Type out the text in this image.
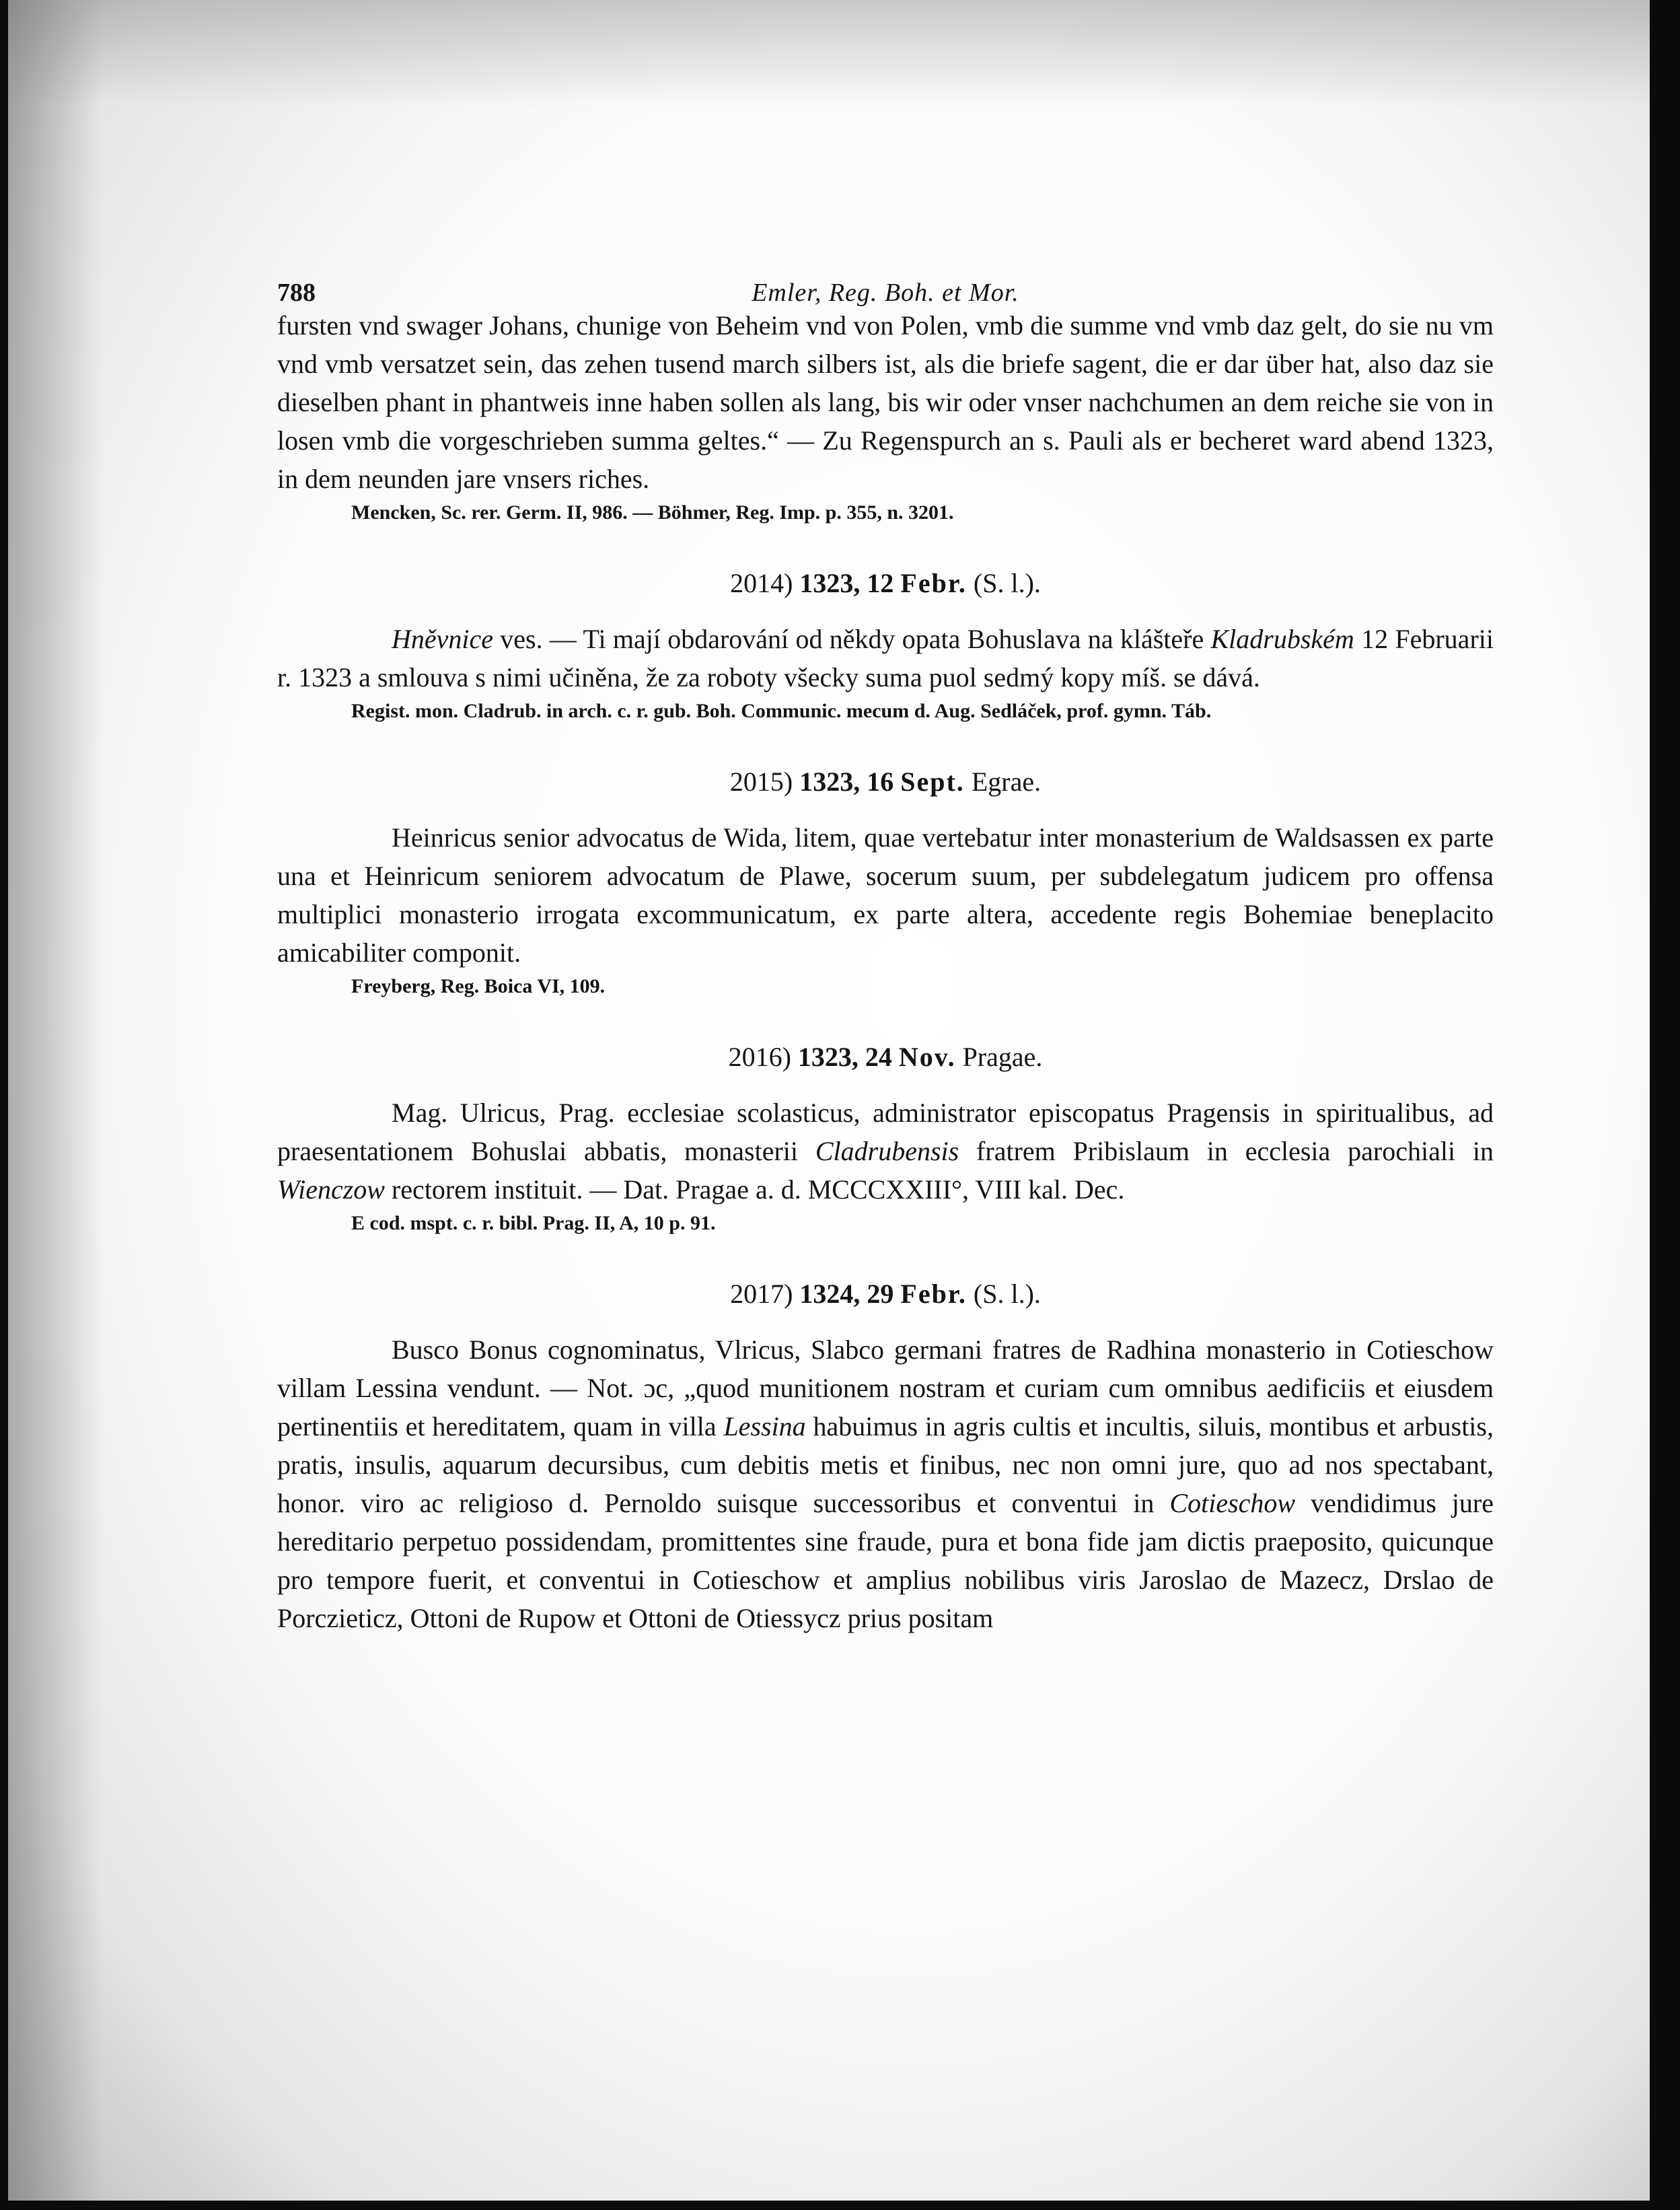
788	Emler, Reg. Boh. et Mor.

fursten vnd swager Johans, chunige von Beheim vnd von Polen, vmb die summe vnd vmb daz gelt, do sie nu vm vnd vmb versatzet sein, das zehen tusend march silbers ist, als die briefe sagent, die er dar über hat, also daz sie dieselben phant in phantweis inne haben sollen als lang, bis wir oder vnser nachchumen an dem reiche sie von in losen vmb die vorgeschrieben summa geltes.“ — Zu Regenspurch an s. Pauli als er becheret ward abend 1323, in dem neunden jare vnsers riches.

Mencken, Sc. rer. Germ. II, 986. — Böhmer, Reg. Imp. p. 355, n. 3201.

2014) 1323, 12 Febr. (S. l.).

Hněvnice ves. — Ti mají obdarování od někdy opata Bohuslava na klášteře Kladrubském 12 Februarii r. 1323 a smlouva s nimi učiněna, že za roboty všecky suma puol sedmý kopy míš. se dává.

Regist. mon. Cladrub. in arch. c. r. gub. Boh. Communic. mecum d. Aug. Sedláček, prof. gymn. Táb.

2015) 1323, 16 Sept. Egrae.

Heinricus senior advocatus de Wida, litem, quae vertebatur inter monasterium de Waldsassen ex parte una et Heinricum seniorem advocatum de Plawe, socerum suum, per subdelegatum judicem pro offensa multiplici monasterio irrogata excommunicatum, ex parte altera, accedente regis Bohemiae beneplacito amicabiliter componit.

Freyberg, Reg. Boica VI, 109.

2016) 1323, 24 Nov. Pragae.

Mag. Ulricus, Prag. ecclesiae scolasticus, administrator episcopatus Pragensis in spiritualibus, ad praesentationem Bohuslai abbatis, monasterii Cladrubensis fratrem Pribislaum in ecclesia parochiali in Wienczow rectorem instituit. — Dat. Pragae a. d. MCCCXXIII°, VIII kal. Dec.

E cod. mspt. c. r. bibl. Prag. II, A, 10 p. 91.

2017) 1324, 29 Febr. (S. l.).

Busco Bonus cognominatus, Vlricus, Slabco germani fratres de Radhina monasterio in Cotieschow villam Lessina vendunt. — Not. ɔc, „quod munitionem nostram et curiam cum omnibus aedificiis et eiusdem pertinentiis et hereditatem, quam in villa Lessina habuimus in agris cultis et incultis, siluis, montibus et arbustis, pratis, insulis, aquarum decursibus, cum debitis metis et finibus, nec non omni jure, quo ad nos spectabant, honor. viro ac religioso d. Pernoldo suisque successoribus et conventui in Cotieschow vendidimus jure hereditario perpetuo possidendam, promittentes sine fraude, pura et bona fide jam dictis praeposito, quicunque pro tempore fuerit, et conventui in Cotieschow et amplius nobilibus viris Jaroslao de Mazecz, Drslao de Porczieticz, Ottoni de Rupow et Ottoni de Otiessycz prius positam
